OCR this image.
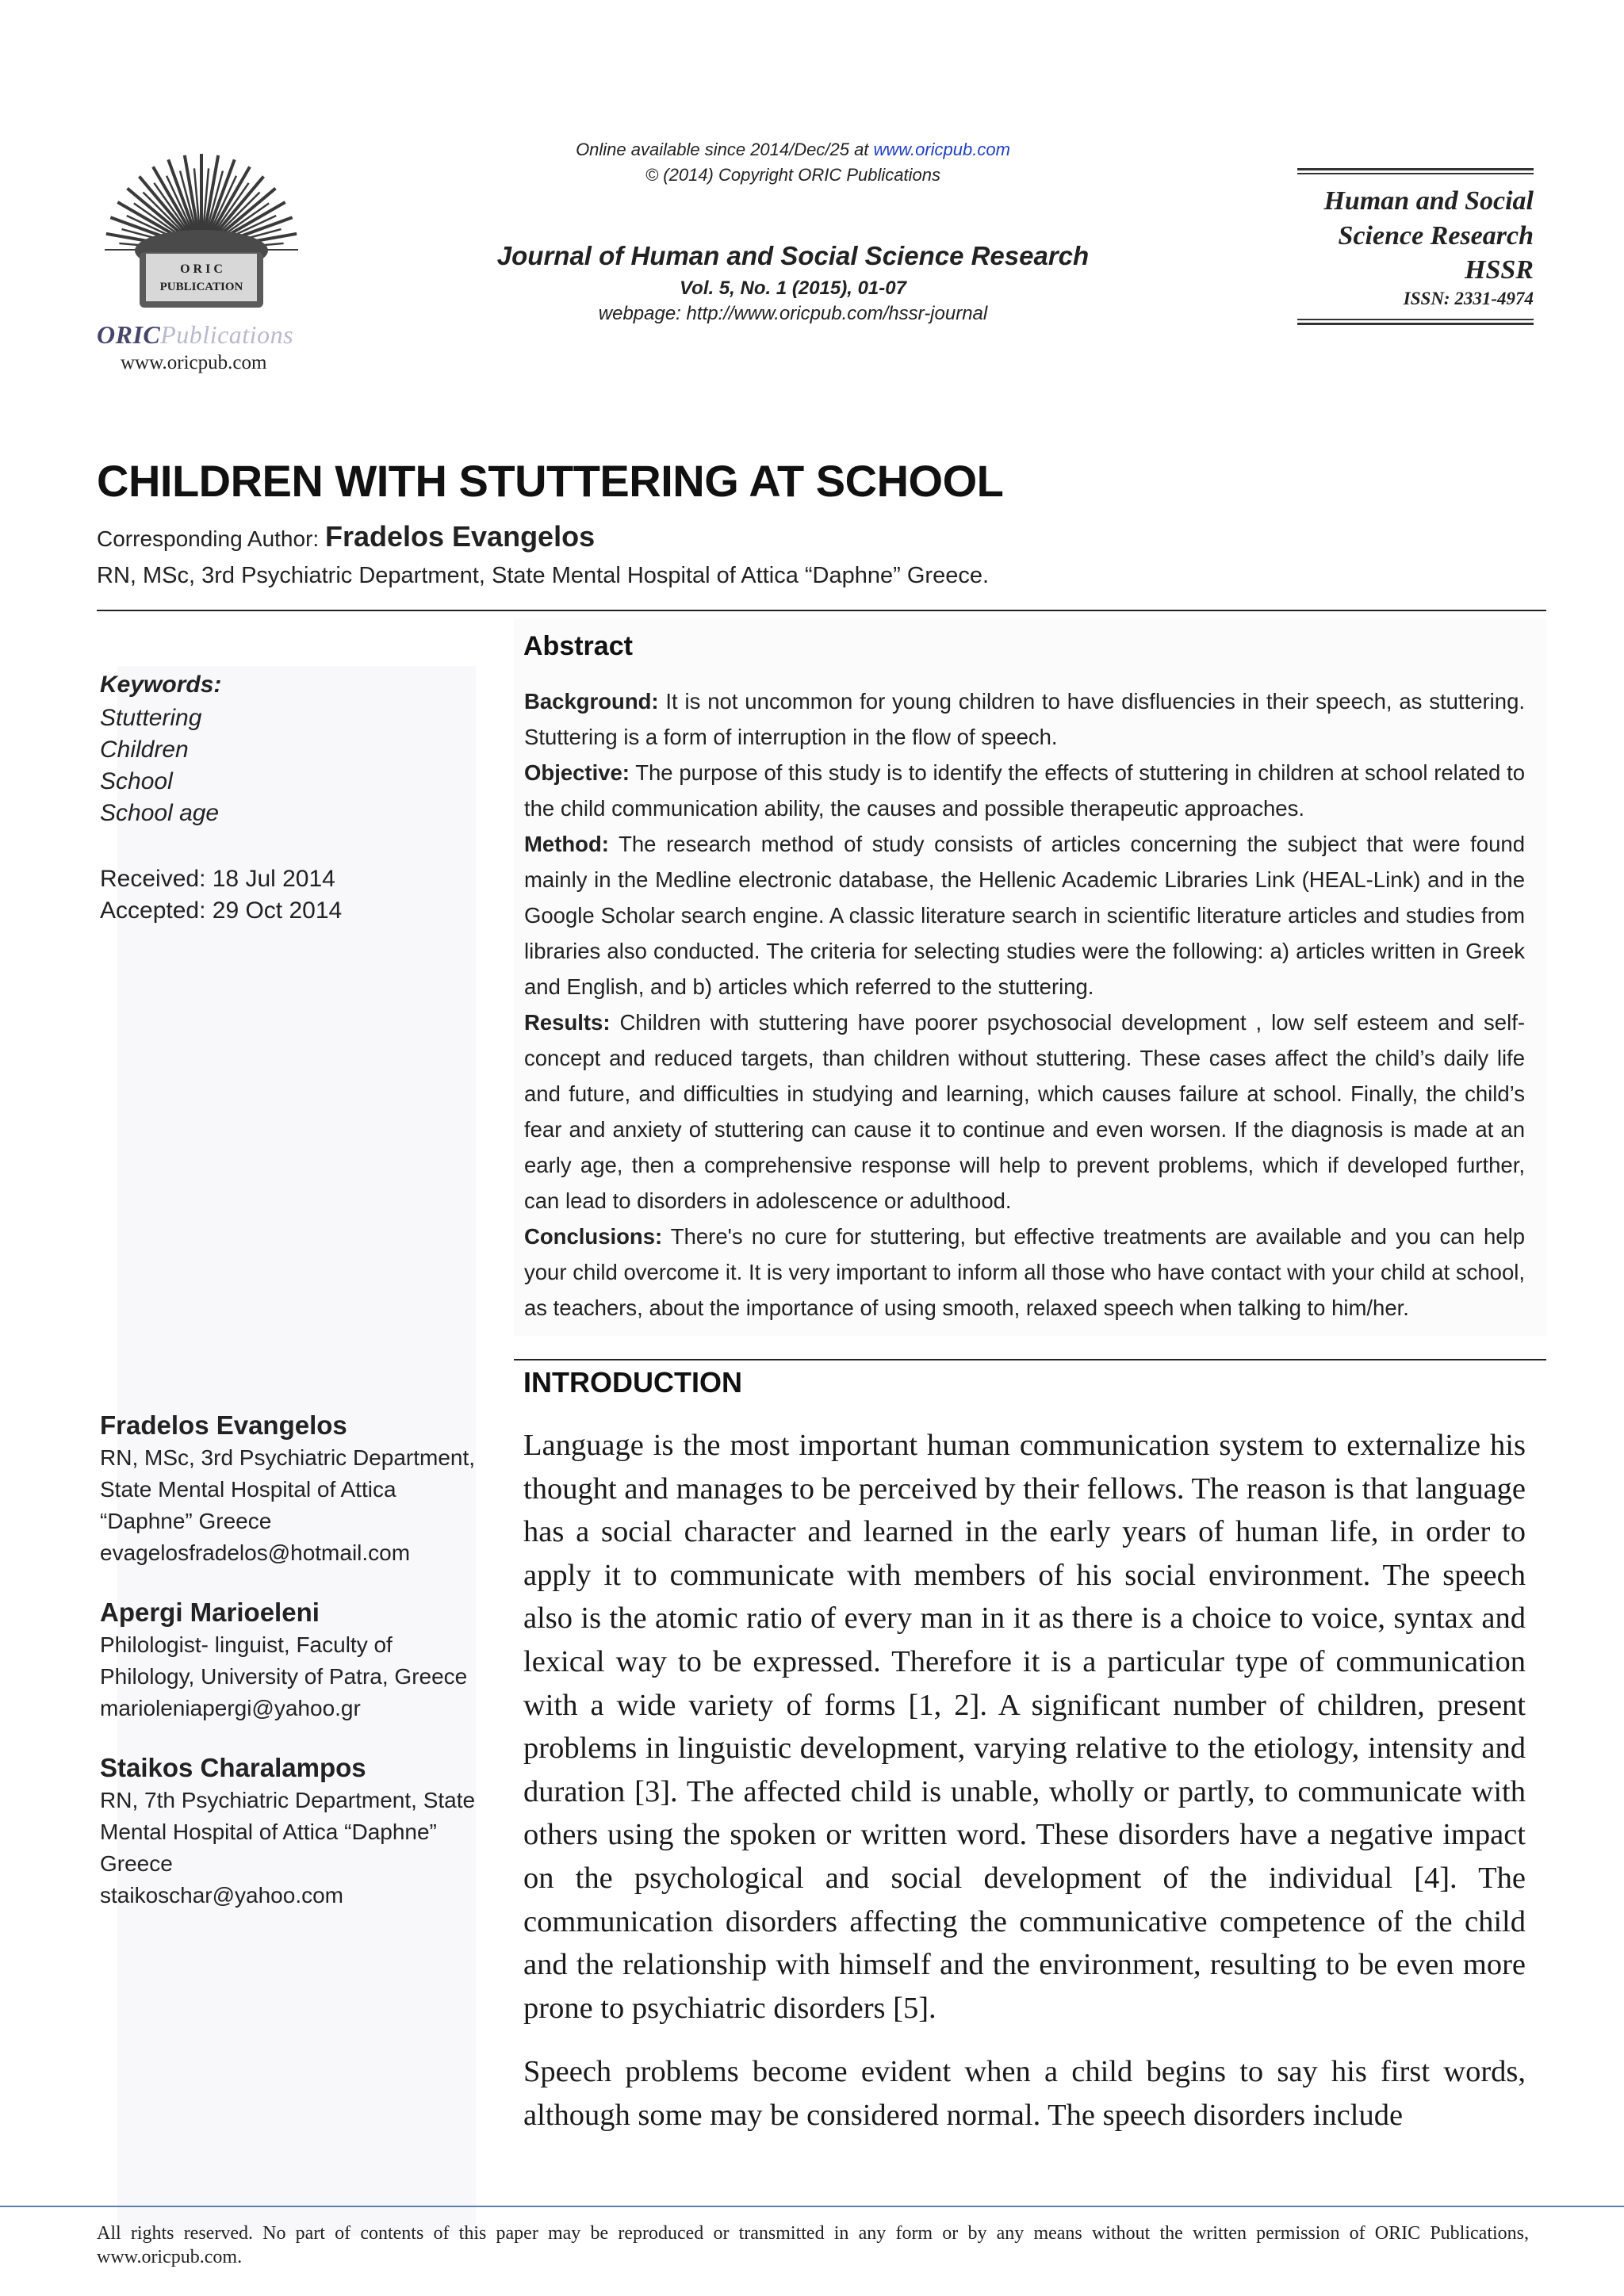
O R I C
PUBLICATION
ORICPublications
www.oricpub.com
Online available since 2014/Dec/25 at www.oricpub.com
© (2014) Copyright ORIC Publications
Journal of Human and Social Science Research
Vol. 5, No. 1 (2015), 01-07
webpage: http://www.oricpub.com/hssr-journal
Human and Social
Science Research
HSSR
ISSN: 2331-4974
CHILDREN WITH STUTTERING AT SCHOOL
Corresponding Author: Fradelos Evangelos
RN, MSc, 3rd Psychiatric Department, State Mental Hospital of Attica “Daphne” Greece.
Keywords:
Stuttering
Children
School
School age
Received: 18 Jul 2014
Accepted: 29 Oct 2014
Fradelos Evangelos
RN, MSc, 3rd Psychiatric Department,
State Mental Hospital of Attica
“Daphne” Greece
evagelosfradelos@hotmail.com
Apergi Marioeleni
Philologist- linguist, Faculty of
Philology, University of Patra, Greece
marioleniapergi@yahoo.gr
Staikos Charalampos
RN, 7th Psychiatric Department, State
Mental Hospital of Attica “Daphne”
Greece
staikoschar@yahoo.com
Abstract

Background: It is not uncommon for young children to have disfluencies in their speech, as stuttering. Stuttering is a form of interruption in the flow of speech.

Objective: The purpose of this study is to identify the effects of stuttering in children at school related to the child communication ability, the causes and possible therapeutic approaches.

Method: The research method of study consists of articles concerning the subject that were found mainly in the Medline electronic database, the Hellenic Academic Libraries Link (HEAL-Link) and in the Google Scholar search engine. A classic literature search in scientific literature articles and studies from libraries also conducted. The criteria for selecting studies were the following: a) articles written in Greek and English, and b) articles which referred to the stuttering.

Results: Children with stuttering have poorer psychosocial development , low self esteem and self-concept and reduced targets, than children without stuttering. These cases affect the child’s daily life and future, and difficulties in studying and learning, which causes failure at school. Finally, the child’s fear and anxiety of stuttering can cause it to continue and even worsen. If the diagnosis is made at an early age, then a comprehensive response will help to prevent problems, which if developed further, can lead to disorders in adolescence or adulthood.

Conclusions: There's no cure for stuttering, but effective treatments are available and you can help your child overcome it. It is very important to inform all those who have contact with your child at school, as teachers, about the importance of using smooth, relaxed speech when talking to him/her.

INTRODUCTION

Language is the most important human communication system to externalize his thought and manages to be perceived by their fellows. The reason is that language has a social character and learned in the early years of human life, in order to apply it to communicate with members of his social environment. The speech also is the atomic ratio of every man in it as there is a choice to voice, syntax and lexical way to be expressed. Therefore it is a particular type of communication with a wide variety of forms [1, 2]. A significant number of children, present problems in linguistic development, varying relative to the etiology, intensity and duration [3]. The affected child is unable, wholly or partly, to communicate with others using the spoken or written word. These disorders have a negative impact on the psychological and social development of the individual [4]. The communication disorders affecting the communicative competence of the child and the relationship with himself and the environment, resulting to be even more prone to psychiatric disorders [5].

Speech problems become evident when a child begins to say his first words, although some may be considered normal. The speech disorders include

All rights reserved. No part of contents of this paper may be reproduced or transmitted in any form or by any means without the written permission of ORIC Publications, www.oricpub.com.
